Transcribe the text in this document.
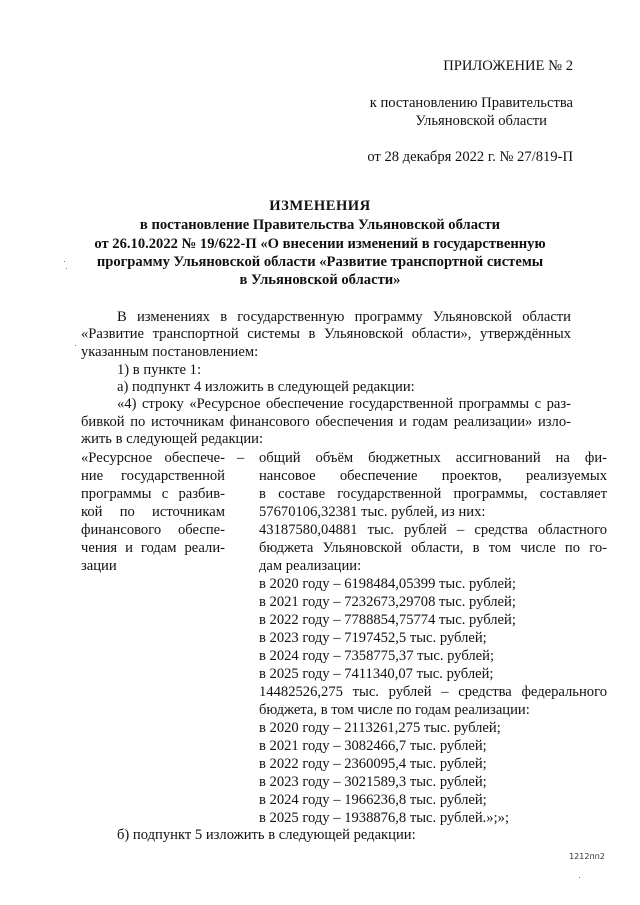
ПРИЛОЖЕНИЕ № 2
к постановлению Правительства
Ульяновской области
от 28 декабря 2022 г. № 27/819-П
ИЗМЕНЕНИЯ
в постановление Правительства Ульяновской области
от 26.10.2022 № 19/622-П «О внесении изменений в государственную
программу Ульяновской области «Развитие транспортной системы
в Ульяновской области»
В изменениях в государственную программу Ульяновской области
«Развитие транспортной системы в Ульяновской области», утверждённых
указанным постановлением:
1) в пункте 1:
а) подпункт 4 изложить в следующей редакции:
«4) строку «Ресурсное обеспечение государственной программы с раз-
бивкой по источникам финансового обеспечения и годам реализации» изло-
жить в следующей редакции:
«Ресурсное обеспече-
ние государственной
программы с разбив-
кой по источникам
финансового обеспе-
чения и годам реали-
зации
– общий объём бюджетных ассигнований на фи-
нансовое обеспечение проектов, реализуемых
в составе государственной программы, составляет
57670106,32381 тыс. рублей, из них:
43187580,04881 тыс. рублей – средства областного
бюджета Ульяновской области, в том числе по го-
дам реализации:
в 2020 году – 6198484,05399 тыс. рублей;
в 2021 году – 7232673,29708 тыс. рублей;
в 2022 году – 7788854,75774 тыс. рублей;
в 2023 году – 7197452,5 тыс. рублей;
в 2024 году – 7358775,37 тыс. рублей;
в 2025 году – 7411340,07 тыс. рублей;
14482526,275 тыс. рублей – средства федерального
бюджета, в том числе по годам реализации:
в 2020 году – 2113261,275 тыс. рублей;
в 2021 году – 3082466,7 тыс. рублей;
в 2022 году – 2360095,4 тыс. рублей;
в 2023 году – 3021589,3 тыс. рублей;
в 2024 году – 1966236,8 тыс. рублей;
в 2025 году – 1938876,8 тыс. рублей.»;»;
б) подпункт 5 изложить в следующей редакции:
1212пп2
